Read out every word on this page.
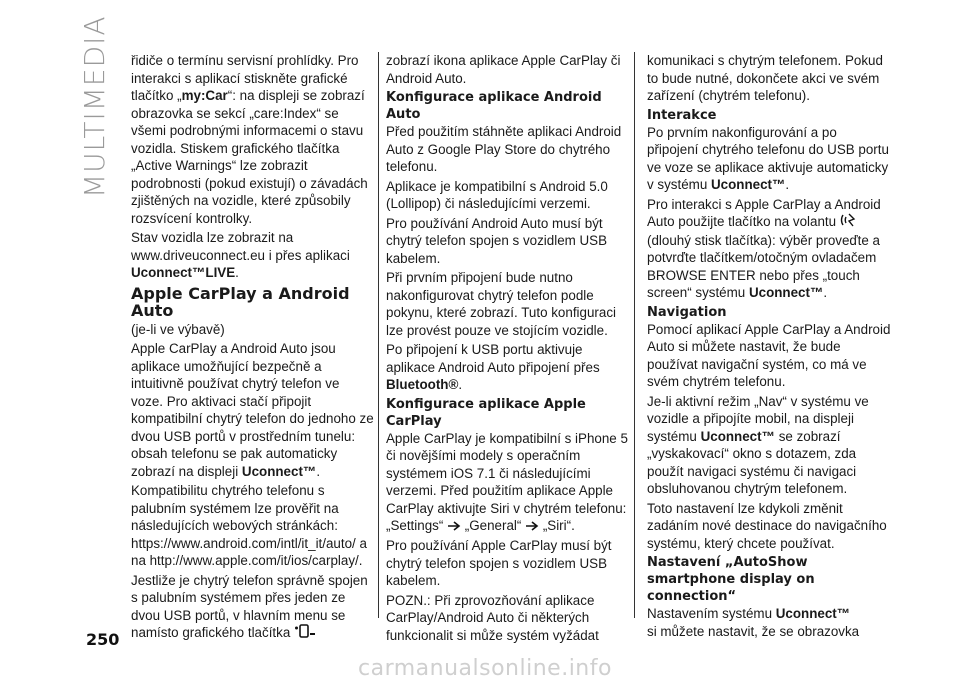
MULTIMEDIA řidiče o termínu servisní prohlídky. Pro interakci s aplikací stiskněte grafické tlačítko „my:Car“: na displeji se zobrazí obrazovka se sekcí „care:Index“ se všemi podrobnými informacemi o stavu vozidla. Stiskem grafického tlačítka „Active Warnings“ lze zobrazit podrobnosti (pokud existují) o závadách zjištěných na vozidle, které způsobily rozsvícení kontrolky.

Stav vozidla lze zobrazit na www.driveuconnect.eu i přes aplikaci Uconnect™LIVE.

Apple CarPlay a Android Auto

(je-li ve výbavě)

Apple CarPlay a Android Auto jsou aplikace umožňující bezpečně a intuitivně používat chytrý telefon ve voze. Pro aktivaci stačí připojit kompatibilní chytrý telefon do jednoho ze dvou USB portů v prostředním tunelu: obsah telefonu se pak automaticky zobrazí na displeji Uconnect™.

Kompatibilitu chytrého telefonu s palubním systémem lze prověřit na následujících webových stránkách: https://www.android.com/intl/it_it/auto/ a na http://www.apple.com/it/ios/carplay/.

Jestliže je chytrý telefon správně spojen s palubním systémem přes jeden ze dvou USB portů, v hlavním menu se namísto grafického tlačítka

zobrazí ikona aplikace Apple CarPlay či Android Auto.

Konfigurace aplikace Android Auto

Před použitím stáhněte aplikaci Android Auto z Google Play Store do chytrého telefonu.

Aplikace je kompatibilní s Android 5.0 (Lollipop) či následujícími verzemi.

Pro používání Android Auto musí být chytrý telefon spojen s vozidlem USB kabelem.

Při prvním připojení bude nutno nakonfigurovat chytrý telefon podle pokynu, které zobrazí. Tuto konfiguraci lze provést pouze ve stojícím vozidle.

Po připojení k USB portu aktivuje aplikace Android Auto připojení přes Bluetooth®.

Konfigurace aplikace Apple CarPlay

Apple CarPlay je kompatibilní s iPhone 5 či novějšími modely s operačním systémem iOS 7.1 či následujícími verzemi. Před použitím aplikace Apple CarPlay aktivujte Siri v chytrém telefonu: „Settings“ „General“ „Siri“.

Pro používání Apple CarPlay musí být chytrý telefon spojen s vozidlem USB kabelem.

POZN.: Při zprovozňování aplikace CarPlay/Android Auto či některých funkcionalit si může systém vyžádat

komunikaci s chytrým telefonem. Pokud to bude nutné, dokončete akci ve svém zařízení (chytrém telefonu).

Interakce

Po prvním nakonfigurování a po připojení chytrého telefonu do USB portu ve voze se aplikace aktivuje automaticky v systému Uconnect™.

Pro interakci s Apple CarPlay a Android Auto použijte tlačítko na volantu  (dlouhý stisk tlačítka): výběr proveďte a potvrďte tlačítkem/otočným ovladačem BROWSE ENTER nebo přes „touch screen“ systému Uconnect™.

Navigation

Pomocí aplikací Apple CarPlay a Android Auto si můžete nastavit, že bude používat navigační systém, co má ve svém chytrém telefonu.

Je-li aktivní režim „Nav“ v systému ve vozidle a připojíte mobil, na displeji systému Uconnect™ se zobrazí „vyskakovací“ okno s dotazem, zda použít navigaci systému či navigaci obsluhovanou chytrým telefonem.

Toto nastavení lze kdykoli změnit zadáním nové destinace do navigačního systému, který chcete používat.

Nastavení „AutoShow smartphone display on connection“

Nastavením systému Uconnect™
si můžete nastavit, že se obrazovka

250
carmanualsonline.info
